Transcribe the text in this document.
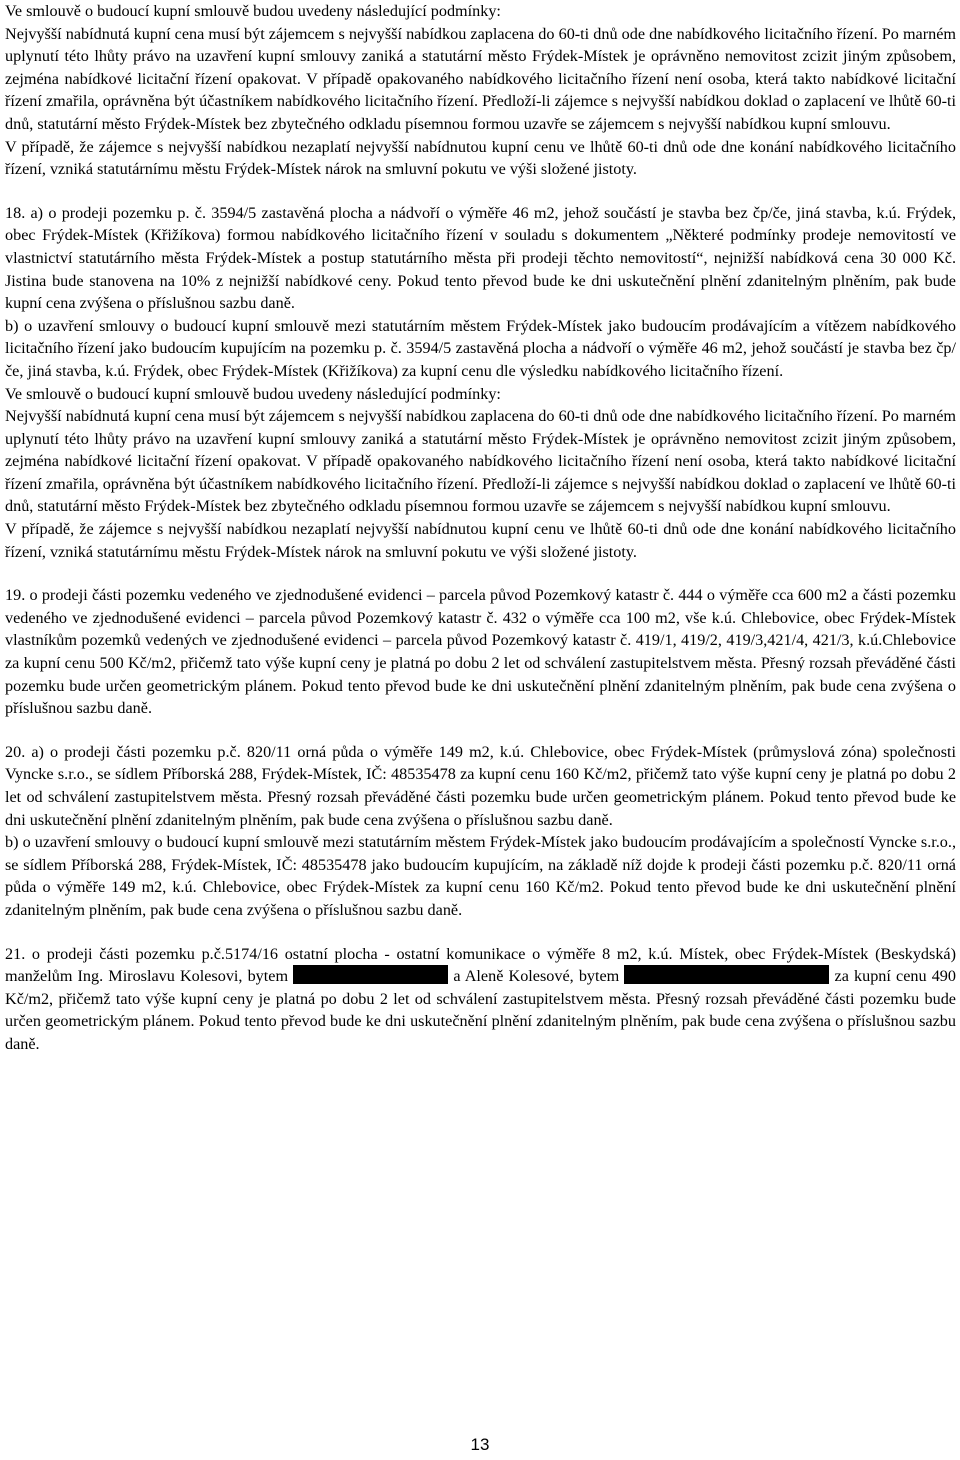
Ve smlouvě o budoucí kupní smlouvě budou uvedeny následující podmínky:

Nejvyšší nabídnutá kupní cena musí být zájemcem s nejvyšší nabídkou zaplacena do 60-ti dnů ode dne nabídkového licitačního řízení. Po marném uplynutí této lhůty právo na uzavření kupní smlouvy zaniká a statutární město Frýdek-Místek je oprávněno nemovitost zcizit jiným způsobem, zejména nabídkové licitační řízení opakovat. V případě opakovaného nabídkového licitačního řízení není osoba, která takto nabídkové licitační řízení zmařila, oprávněna být účastníkem nabídkového licitačního řízení. Předloží-li zájemce s nejvyšší nabídkou doklad o zaplacení ve lhůtě 60-ti dnů, statutární město Frýdek-Místek bez zbytečného odkladu písemnou formou uzavře se zájemcem s nejvyšší nabídkou kupní smlouvu.

V případě, že zájemce s nejvyšší nabídkou nezaplatí nejvyšší nabídnutou kupní cenu ve lhůtě 60-ti dnů ode dne konání nabídkového licitačního řízení, vzniká statutárnímu městu Frýdek-Místek nárok na smluvní pokutu ve výši složené jistoty.

18. a) o prodeji pozemku p. č. 3594/5 zastavěná plocha a nádvoří o výměře 46 m2, jehož součástí je stavba bez čp/če, jiná stavba, k.ú. Frýdek, obec Frýdek-Místek (Křižíkova) formou nabídkového licitačního řízení v souladu s dokumentem „Některé podmínky prodeje nemovitostí ve vlastnictví statutárního města Frýdek-Místek a postup statutárního města při prodeji těchto nemovitostí“, nejnižší nabídková cena 30 000 Kč. Jistina bude stanovena na 10% z nejnižší nabídkové ceny. Pokud tento převod bude ke dni uskutečnění plnění zdanitelným plněním, pak bude kupní cena zvýšena o příslušnou sazbu daně.

b) o uzavření smlouvy o budoucí kupní smlouvě mezi statutárním městem Frýdek-Místek jako budoucím prodávajícím a vítězem nabídkového licitačního řízení jako budoucím kupujícím na pozemku p. č. 3594/5 zastavěná plocha a nádvoří o výměře 46 m2, jehož součástí je stavba bez čp/če, jiná stavba, k.ú. Frýdek, obec Frýdek-Místek (Křižíkova) za kupní cenu dle výsledku nabídkového licitačního řízení.

Ve smlouvě o budoucí kupní smlouvě budou uvedeny následující podmínky:

Nejvyšší nabídnutá kupní cena musí být zájemcem s nejvyšší nabídkou zaplacena do 60-ti dnů ode dne nabídkového licitačního řízení. Po marném uplynutí této lhůty právo na uzavření kupní smlouvy zaniká a statutární město Frýdek-Místek je oprávněno nemovitost zcizit jiným způsobem, zejména nabídkové licitační řízení opakovat. V případě opakovaného nabídkového licitačního řízení není osoba, která takto nabídkové licitační řízení zmařila, oprávněna být účastníkem nabídkového licitačního řízení. Předloží-li zájemce s nejvyšší nabídkou doklad o zaplacení ve lhůtě 60-ti dnů, statutární město Frýdek-Místek bez zbytečného odkladu písemnou formou uzavře se zájemcem s nejvyšší nabídkou kupní smlouvu.

V případě, že zájemce s nejvyšší nabídkou nezaplatí nejvyšší nabídnutou kupní cenu ve lhůtě 60-ti dnů ode dne konání nabídkového licitačního řízení, vzniká statutárnímu městu Frýdek-Místek nárok na smluvní pokutu ve výši složené jistoty.

19. o prodeji části pozemku vedeného ve zjednodušené evidenci – parcela původ Pozemkový katastr č. 444 o výměře cca 600 m2 a části pozemku vedeného ve zjednodušené evidenci – parcela původ Pozemkový katastr č. 432 o výměře cca 100 m2, vše k.ú. Chlebovice, obec Frýdek-Místek vlastníkům pozemků vedených ve zjednodušené evidenci – parcela původ Pozemkový katastr č. 419/1, 419/2, 419/3,421/4, 421/3, k.ú.Chlebovice za kupní cenu 500 Kč/m2, přičemž tato výše kupní ceny je platná po dobu 2 let od schválení zastupitelstvem města. Přesný rozsah převáděné části pozemku bude určen geometrickým plánem. Pokud tento převod bude ke dni uskutečnění plnění zdanitelným plněním, pak bude cena zvýšena o příslušnou sazbu daně.

20. a) o prodeji části pozemku p.č. 820/11 orná půda o výměře 149 m2, k.ú. Chlebovice, obec Frýdek-Místek (průmyslová zóna) společnosti Vyncke s.r.o., se sídlem Příborská 288, Frýdek-Místek, IČ: 48535478 za kupní cenu 160 Kč/m2, přičemž tato výše kupní ceny je platná po dobu 2 let od schválení zastupitelstvem města. Přesný rozsah převáděné části pozemku bude určen geometrickým plánem. Pokud tento převod bude ke dni uskutečnění plnění zdanitelným plněním, pak bude cena zvýšena o příslušnou sazbu daně.

b) o uzavření smlouvy o budoucí kupní smlouvě mezi statutárním městem Frýdek-Místek jako budoucím prodávajícím a společností Vyncke s.r.o., se sídlem Příborská 288, Frýdek-Místek, IČ: 48535478 jako budoucím kupujícím, na základě níž dojde k prodeji části pozemku p.č. 820/11 orná půda o výměře 149 m2, k.ú. Chlebovice, obec Frýdek-Místek za kupní cenu 160 Kč/m2. Pokud tento převod bude ke dni uskutečnění plnění zdanitelným plněním, pak bude cena zvýšena o příslušnou sazbu daně.

21. o prodeji části pozemku p.č.5174/16 ostatní plocha - ostatní komunikace o výměře 8 m2, k.ú. Místek, obec Frýdek-Místek (Beskydská) manželům Ing. Miroslavu Kolesovi, bytem	a Aleně Kolesové, bytem	za kupní cenu 490 Kč/m2, přičemž tato výše kupní ceny je platná po dobu 2 let od schválení zastupitelstvem města. Přesný rozsah převáděné části pozemku bude určen geometrickým plánem. Pokud tento převod bude ke dni uskutečnění plnění zdanitelným plněním, pak bude cena zvýšena o příslušnou sazbu daně.

13
